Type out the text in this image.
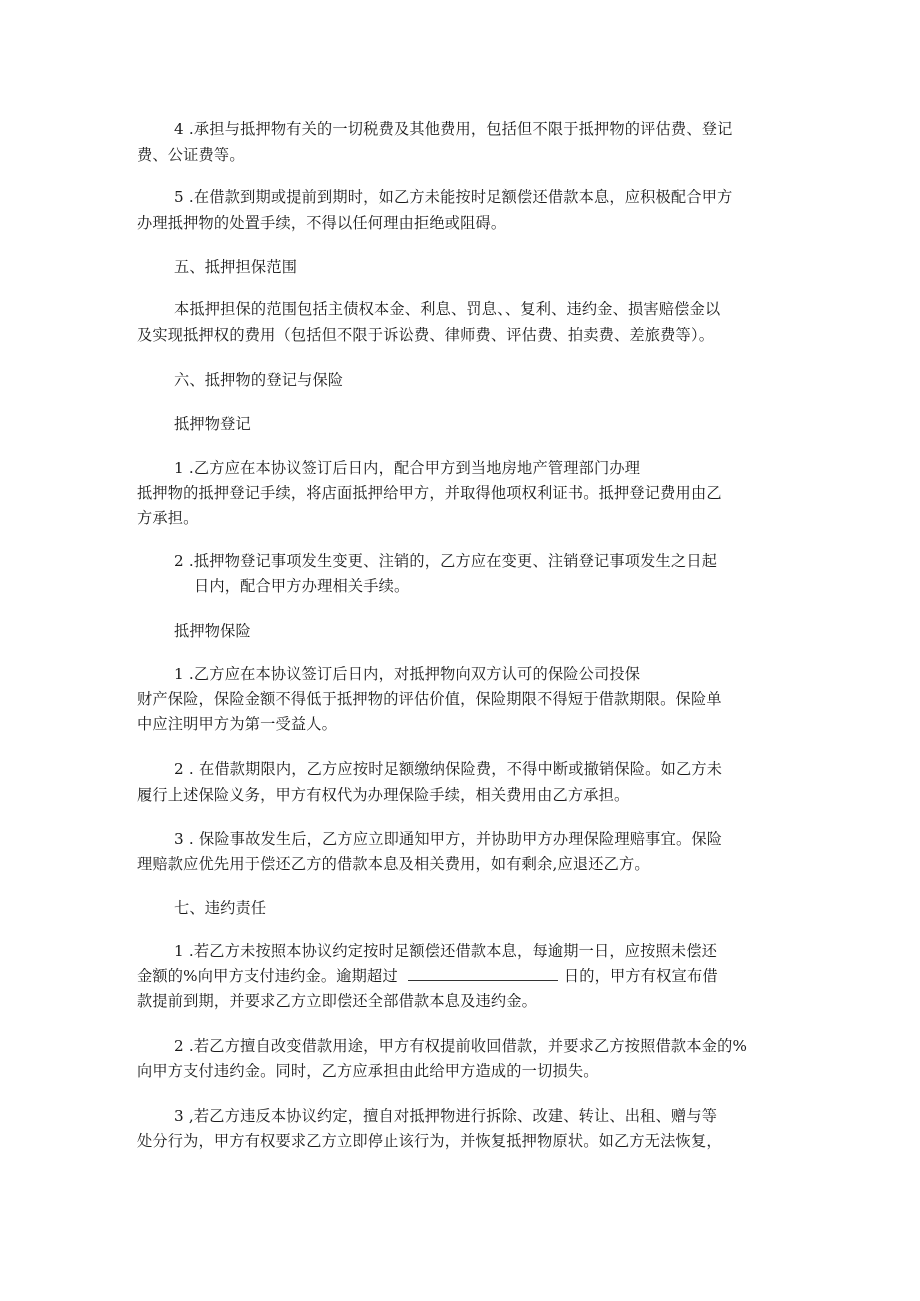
4 .承担与抵押物有关的一切税费及其他费用，包括但不限于抵押物的评估费、登记
费、公证费等。
5 .在借款到期或提前到期时，如乙方未能按时足额偿还借款本息，应积极配合甲方
办理抵押物的处置手续，不得以任何理由拒绝或阻碍。
五、抵押担保范围
本抵押担保的范围包括主债权本金、利息、罚息、、复利、违约金、损害赔偿金以
及实现抵押权的费用（包括但不限于诉讼费、律师费、评估费、拍卖费、差旅费等）。
六、抵押物的登记与保险
抵押物登记
1 .乙方应在本协议签订后日内，配合甲方到当地房地产管理部门办理
抵押物的抵押登记手续，将店面抵押给甲方，并取得他项权利证书。抵押登记费用由乙
方承担。
2 .抵押物登记事项发生变更、注销的，乙方应在变更、注销登记事项发生之日起
日内，配合甲方办理相关手续。
抵押物保险
1 .乙方应在本协议签订后日内，对抵押物向双方认可的保险公司投保
财产保险，保险金额不得低于抵押物的评估价值，保险期限不得短于借款期限。保险单
中应注明甲方为第一受益人。
2 . 在借款期限内，乙方应按时足额缴纳保险费，不得中断或撤销保险。如乙方未
履行上述保险义务，甲方有权代为办理保险手续，相关费用由乙方承担。
3 . 保险事故发生后，乙方应立即通知甲方，并协助甲方办理保险理赔事宜。保险
理赔款应优先用于偿还乙方的借款本息及相关费用，如有剩余,应退还乙方。
七、违约责任
1 .若乙方未按照本协议约定按时足额偿还借款本息，每逾期一日，应按照未偿还
金额的%向甲方支付违约金。逾期超过	日的，甲方有权宣布借
款提前到期，并要求乙方立即偿还全部借款本息及违约金。
2 .若乙方擅自改变借款用途，甲方有权提前收回借款，并要求乙方按照借款本金的%
向甲方支付违约金。同时，乙方应承担由此给甲方造成的一切损失。
3 ,若乙方违反本协议约定，擅自对抵押物进行拆除、改建、转让、出租、赠与等
处分行为，甲方有权要求乙方立即停止该行为，并恢复抵押物原状。如乙方无法恢复，
